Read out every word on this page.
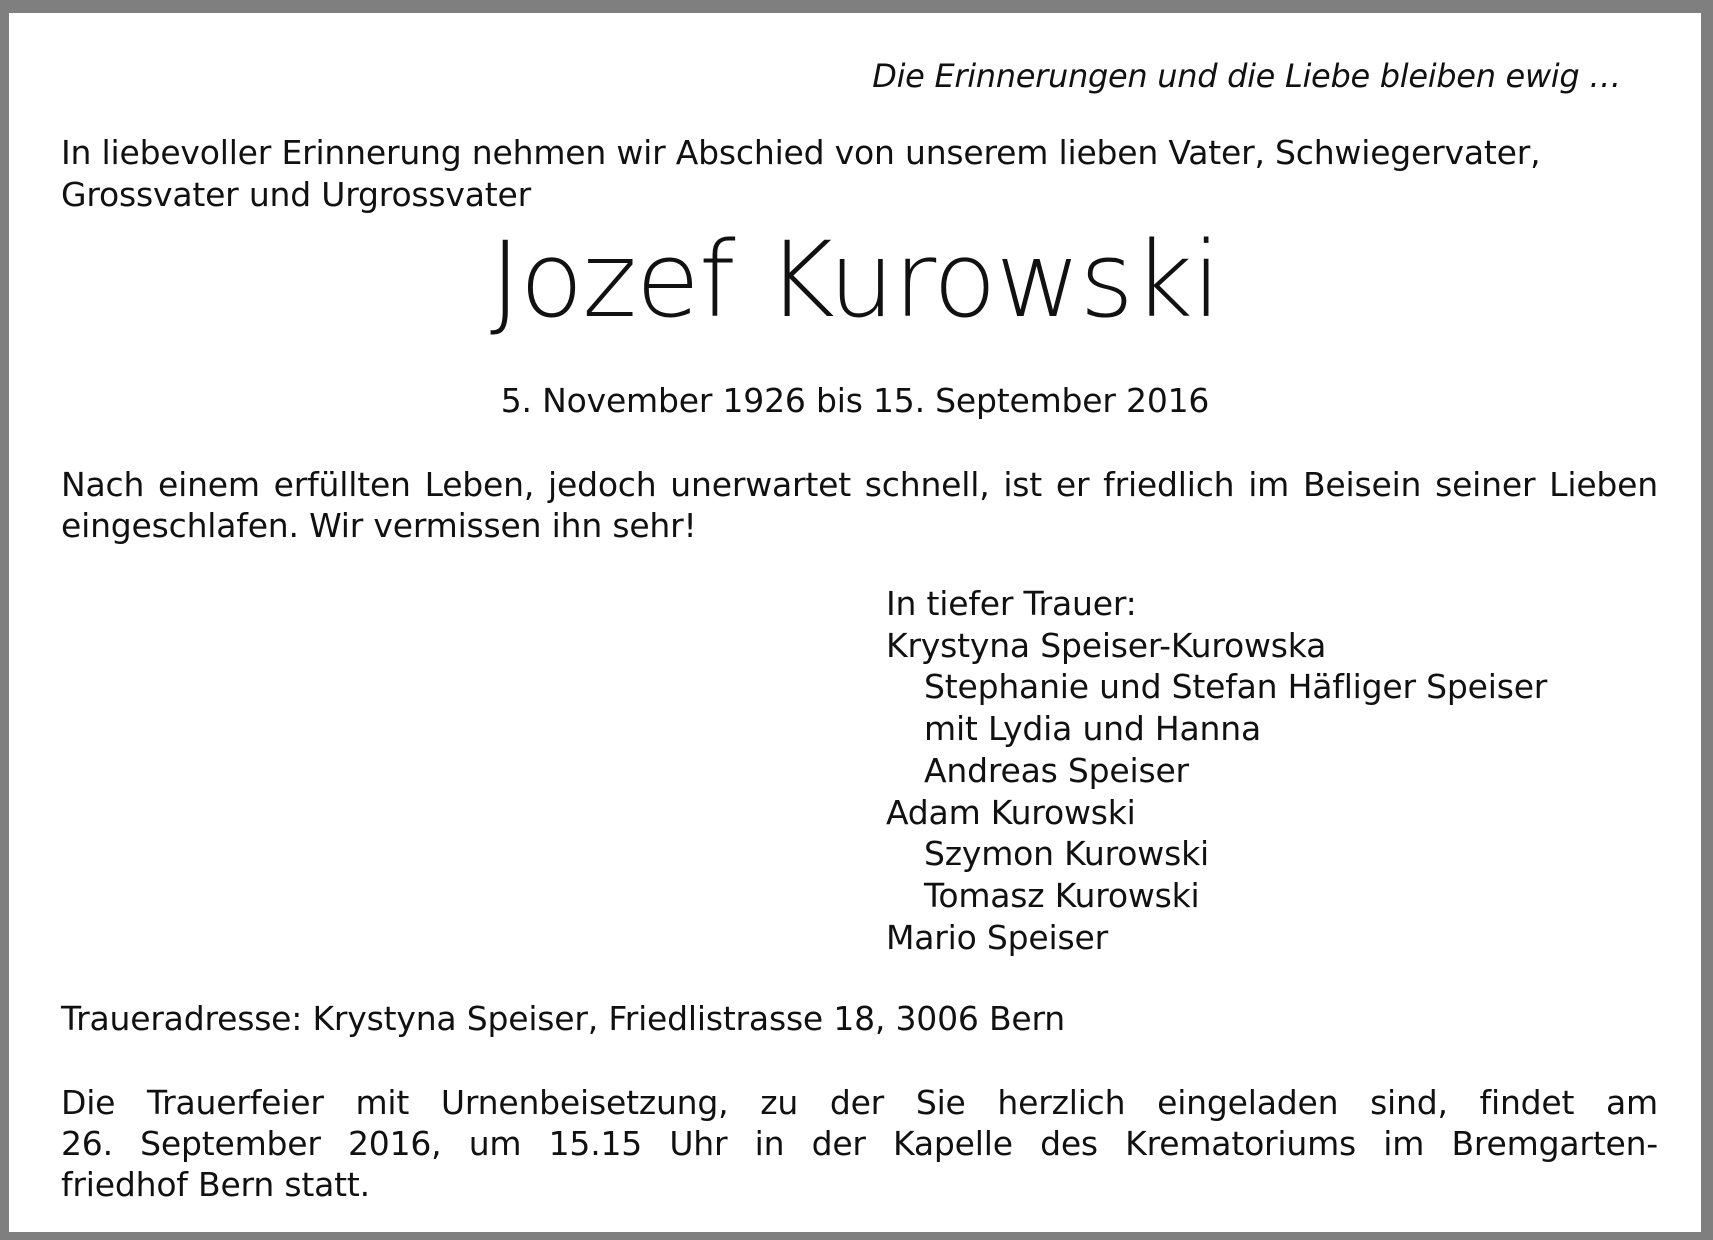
Die Erinnerungen und die Liebe bleiben ewig …

In liebevoller Erinnerung nehmen wir Abschied von unserem lieben Vater, Schwiegervater,
Grossvater und Urgrossvater

Jozef Kurowski

5. November 1926 bis 15. September 2016

Nach einem erfüllten Leben, jedoch unerwartet schnell, ist er friedlich im Beisein seiner Lieben eingeschlafen. Wir vermissen ihn sehr!

In tiefer Trauer:
Krystyna Speiser-Kurowska
Stephanie und Stefan Häfliger Speiser
mit Lydia und Hanna
Andreas Speiser
Adam Kurowski
Szymon Kurowski
Tomasz Kurowski
Mario Speiser

Traueradresse: Krystyna Speiser, Friedlistrasse 18, 3006 Bern

Die Trauerfeier mit Urnenbeisetzung, zu der Sie herzlich eingeladen sind, findet am
26. September 2016, um 15.15 Uhr in der Kapelle des Krematoriums im Bremgarten-
friedhof Bern statt.
